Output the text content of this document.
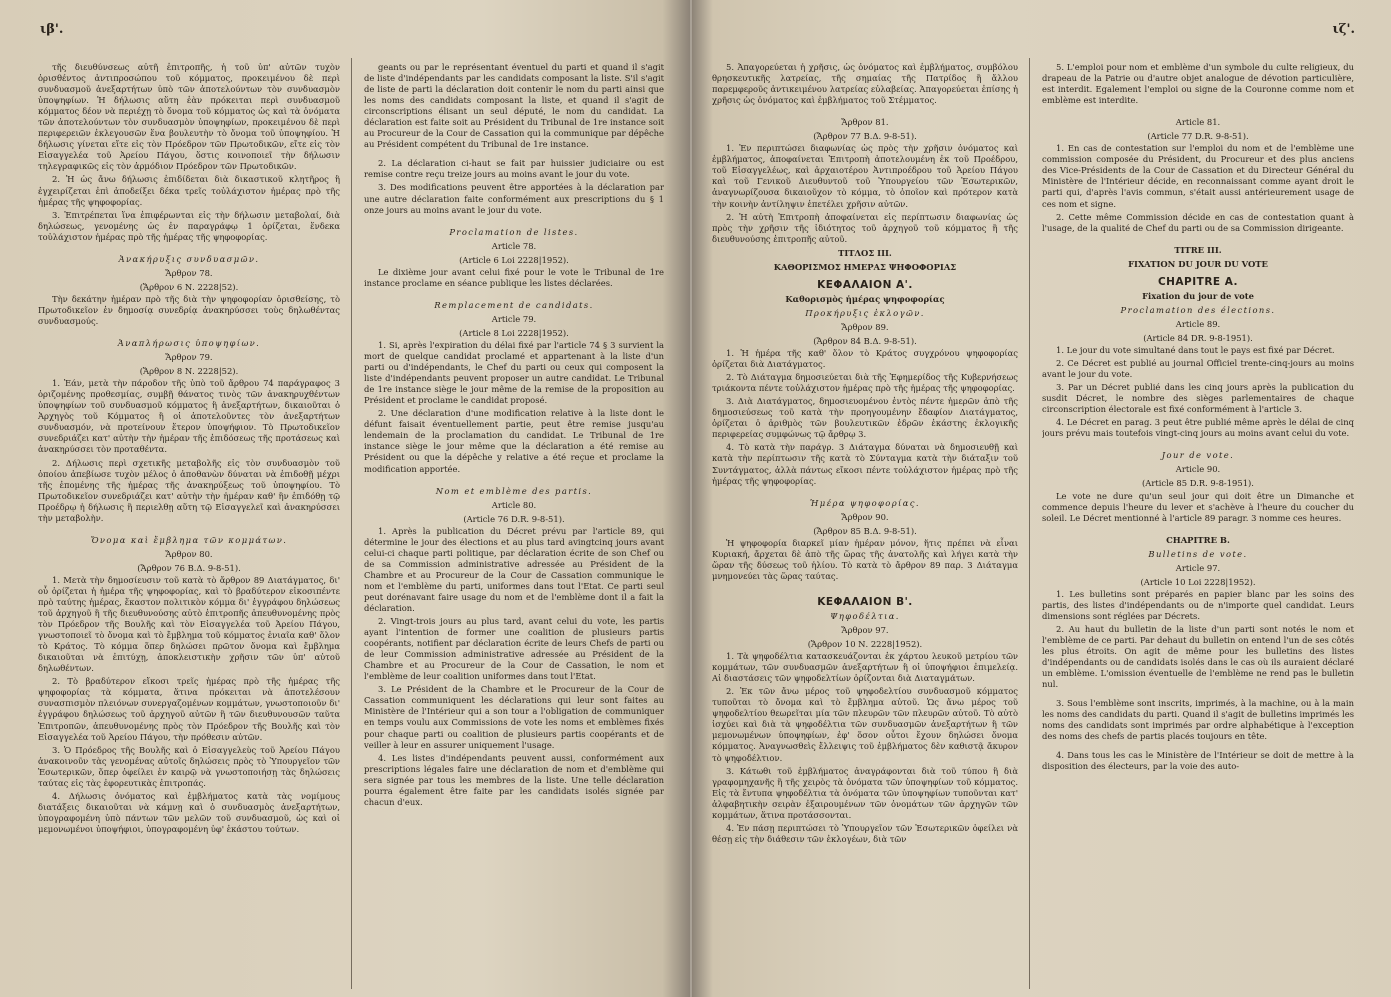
ιβ'.

τῆς διευθύνσεως αὐτῆ ἐπιτροπῆς, ἡ τοῦ ὑπ' αὐτῶν τυχὸν ὁρισθέντος ἀντιπροσώπου τοῦ κόμματος, προκειμένου δὲ περὶ συνδυασμοῦ ἀνεξαρτήτων ὑπὸ τῶν ἀποτελούντων τὸν συνδυασμὸν ὑποψηφίων. Ἡ δήλωσις αὕτη ἐὰν πρόκειται περὶ συνδυασμοῦ κόμματος δέον νὰ περιέχῃ τὸ ὄνομα τοῦ κόμματος ὡς καὶ τὰ ὀνόματα τῶν ἀποτελούντων τὸν συνδυασμὸν ὑποψηφίων, προκειμένου δὲ περὶ περιφερειῶν ἐκλεγουσῶν ἕνα βουλευτὴν τὸ ὄνομα τοῦ ὑποψηφίου. Ἡ δήλωσις γίνεται εἴτε εἰς τὸν Πρόεδρον τῶν Πρωτοδικῶν, εἴτε εἰς τὸν Εἰσαγγελέα τοῦ Ἀρείου Πάγου, ὅστις κοινοποιεῖ τὴν δήλωσιν τηλεγραφικῶς εἰς τὸν ἁρμόδιον Πρόεδρον τῶν Πρωτοδικῶν.

2. Ἡ ὡς ἄνω δήλωσις ἐπιδίδεται διὰ δικαστικοῦ κλητῆρος ἢ ἐγχειρίζεται ἐπὶ ἀποδείξει δέκα τρεῖς τοὐλάχιστον ἡμέρας πρὸ τῆς ἡμέρας τῆς ψηφοφορίας.

3. Ἐπιτρέπεται ἵνα ἐπιφέρωνται εἰς τὴν δήλωσιν μεταβολαί, διὰ δηλώσεως, γενομένης ὡς ἐν παραγράφῳ 1 ὁρίζεται, ἕνδεκα τοὐλάχιστον ἡμέρας πρὸ τῆς ἡμέρας τῆς ψηφοφορίας.

Ἀνακήρυξις συνδυασμῶν.

Ἄρθρον 78.

(Ἄρθρον 6 Ν. 2228|52).

Τὴν δεκάτην ἡμέραν πρὸ τῆς διὰ τὴν ψηφοφορίαν ὁρισθείσης, τὸ Πρωτοδικεῖον ἐν δημοσίᾳ συνεδρίᾳ ἀνακηρύσσει τοὺς δηλωθέντας συνδυασμούς.

Ἀναπλήρωσις ὑποψηφίων.

Ἄρθρον 79.

(Ἄρθρον 8 Ν. 2228|52).

1. Ἐάν, μετὰ τὴν πάροδον τῆς ὑπὸ τοῦ ἄρθρου 74 παράγραφος 3 ὁριζομένης προθεσμίας, συμβῇ θάνατος τινὸς τῶν ἀνακηρυχθέντων ὑποψηφίων τοῦ συνδυασμοῦ κόμματος ἢ ἀνεξαρτήτων, δικαιοῦται ὁ Ἀρχηγὸς τοῦ Κόμματος ἢ οἱ ἀποτελοῦντες τὸν ἀνεξαρτήτων συνδυασμόν, νὰ προτείνουν ἕτερον ὑποψήφιον. Τὸ Πρωτοδικεῖον συνεδριάζει κατ' αὐτὴν τὴν ἡμέραν τῆς ἐπιδόσεως τῆς προτάσεως καὶ ἀνακηρύσσει τὸν προταθέντα.

2. Δήλωσις περὶ σχετικῆς μεταβολῆς εἰς τὸν συνδυασμὸν τοῦ ὁποίου ἀπεβίωσε τυχὸν μέλος ὁ ἀποθανὼν δύναται νὰ ἐπιδοθῇ μέχρι τῆς ἐπομένης τῆς ἡμέρας τῆς ἀνακηρύξεως τοῦ ὑποψηφίου. Τὸ Πρωτοδικεῖον συνεδριάζει κατ' αὐτὴν τὴν ἡμέραν καθ' ἣν ἐπιδόθῃ τῷ Προέδρῳ ἡ δήλωσις ἢ περιελθῃ αὕτη τῷ Εἰσαγγελεῖ καὶ ἀνακηρύσσει τὴν μεταβολὴν.

Ὄνομα καὶ ἔμβλημα τῶν κομμάτων.

Ἄρθρον 80.

(Ἄρθρον 76 Β.Δ. 9-8-51).

1. Μετὰ τὴν δημοσίευσιν τοῦ κατὰ τὸ ἄρθρον 89 Διατάγματος, δι' οὗ ὁρίζεται ἡ ἡμέρα τῆς ψηφοφορίας, καὶ τὸ βραδύτερον εἰκοσιπέντε πρὸ ταύτης ἡμέρας, ἕκαστον πολιτικὸν κόμμα δι' ἐγγράφου δηλώσεως τοῦ ἀρχηγοῦ ἢ τῆς διευθυνούσης αὐτὸ ἐπιτροπῆς ἀπευθυνομένης πρὸς τὸν Πρόεδρον τῆς Βουλῆς καὶ τὸν Εἰσαγγελέα τοῦ Ἀρείου Πάγου, γνωστοποιεῖ τὸ ὄνομα καὶ τὸ ἔμβλημα τοῦ κόμματος ἑνιαῖα καθ' ὅλον τὸ Κράτος. Τὸ κόμμα ὅπερ δηλώσει πρῶτον ὄνομα καὶ ἔμβλημα δικαιοῦται νὰ ἐπιτύχῃ, ἀποκλειστικὴν χρῆσιν τῶν ὑπ' αὐτοῦ δηλωθέντων.

2. Τὸ βραδύτερον εἴκοσι τρεῖς ἡμέρας πρὸ τῆς ἡμέρας τῆς ψηφοφορίας τὰ κόμματα, ἅτινα πρόκειται νὰ ἀποτελέσουν συνασπισμὸν πλειόνων συνεργαζομένων κομμάτων, γνωστοποιοῦν δι' ἐγγράφου δηλώσεως τοῦ ἀρχηγοῦ αὐτῶν ἢ τῶν διευθυνουσῶν ταῦτα Ἐπιτροπῶν, ἀπευθυνομένης πρὸς τὸν Πρόεδρον τῆς Βουλῆς καὶ τὸν Εἰσαγγελέα τοῦ Ἀρείου Πάγου, τὴν πρόθεσιν αὐτῶν.

3. Ὁ Πρόεδρος τῆς Βουλῆς καὶ ὁ Εἰσαγγελεὺς τοῦ Ἀρείου Πάγου ἀνακοινοῦν τὰς γενομένας αὐτοῖς δηλώσεις πρὸς τὸ Ὑπουργεῖον τῶν Ἐσωτερικῶν, ὅπερ ὀφείλει ἐν καιρῷ νὰ γνωστοποιήσῃ τὰς δηλώσεις ταύτας εἰς τὰς ἐφορευτικὰς ἐπιτροπάς.

4. Δήλωσις ὀνόματος καὶ ἐμβλήματος κατὰ τὰς νομίμους διατάξεις δικαιοῦται νὰ κάμνῃ καὶ ὁ συνδυασμὸς ἀνεξαρτήτων, ὑπογραφομένη ὑπὸ πάντων τῶν μελῶν τοῦ συνδυασμοῦ, ὡς καὶ οἱ μεμονωμένοι ὑποψήφιοι, ὑπογραφομένη ὑφ' ἑκάστου τούτων.

geants ou par le représentant éventuel du parti et quand il s'agit de liste d'indépendants par les candidats composant la liste. S'il s'agit de liste de parti la déclaration doit contenir le nom du parti ainsi que les noms des candidats composant la liste, et quand il s'agit de circonscriptions élisant un seul député, le nom du candidat. La déclaration est faite soit au Président du Tribunal de 1re instance soit au Procureur de la Cour de Cassation qui la communique par dépêche au Président compétent du Tribunal de 1re instance.

2. La déclaration ci-haut se fait par huissier judiciaire ou est remise contre reçu treize jours au moins avant le jour du vote.

3. Des modifications peuvent être apportées à la déclaration par une autre déclaration faite conformément aux prescriptions du § 1 onze jours au moins avant le jour du vote.

Proclamation de listes.

Article 78.

(Article 6 Loi 2228|1952).

Le dixième jour avant celui fixé pour le vote le Tribunal de 1re instance proclame en séance publique les listes déclarées.

Remplacement de candidats.

Article 79.

(Article 8 Loi 2228|1952).

1. Si, après l'expiration du délai fixé par l'article 74 § 3 survient la mort de quelque candidat proclamé et appartenant à la liste d'un parti ou d'indépendants, le Chef du parti ou ceux qui composent la liste d'indépendants peuvent proposer un autre candidat. Le Tribunal de 1re instance siège le jour même de la remise de la proposition au Président et proclame le candidat proposé.

2. Une déclaration d'une modification relative à la liste dont le défunt faisait éventuellement partie, peut être remise jusqu'au lendemain de la proclamation du candidat. Le Tribunal de 1re instance siège le jour même que la déclaration a été remise au Président ou que la dépêche y relative a été reçue et proclame la modification apportée.

Nom et emblème des partis.

Article 80.

(Article 76 D.R. 9-8-51).

1. Après la publication du Décret prévu par l'article 89, qui détermine le jour des élections et au plus tard avingtcinq jours avant celui-ci chaque parti politique, par déclaration écrite de son Chef ou de sa Commission administrative adressée au Président de la Chambre et au Procureur de la Cour de Cassation communique le nom et l'emblème du parti, uniformes dans tout l'Etat. Ce parti seul peut dorénavant faire usage du nom et de l'emblème dont il a fait la déclaration.

2. Vingt-trois jours au plus tard, avant celui du vote, les partis ayant l'intention de former une coalition de plusieurs partis coopérants, notifient par déclaration écrite de leurs Chefs de parti ou de leur Commission administrative adressée au Président de la Chambre et au Procureur de la Cour de Cassation, le nom et l'emblème de leur coalition uniformes dans tout l'Etat.

3. Le Président de la Chambre et le Procureur de la Cour de Cassation communiquent les déclarations qui leur sont faites au Ministère de l'Intérieur qui a son tour a l'obligation de communiquer en temps voulu aux Commissions de vote les noms et emblèmes fixés pour chaque parti ou coalition de plusieurs partis coopérants et de veiller à leur en assurer uniquement l'usage.

4. Les listes d'indépendants peuvent aussi, conformément aux prescriptions légales faire une déclaration de nom et d'emblème qui sera signée par tous les membres de la liste. Une telle déclaration pourra également être faite par les candidats isolés signée par chacun d'eux.

ιζ'.

5. Ἀπαγορεύεται ἡ χρῆσις, ὡς ὀνόματος καὶ ἐμβλήματος, συμβόλου θρησκευτικῆς λατρείας, τῆς σημαίας τῆς Πατρίδος ἢ ἄλλου παρεμφεροῦς ἀντικειμένου λατρείας εὐλαβείας. Ἀπαγορεύεται ἐπίσης ἡ χρῆσις ὡς ὀνόματος καὶ ἐμβλήματος τοῦ Στέμματος.

Ἄρθρον 81.

(Ἄρθρον 77 Β.Δ. 9-8-51).

1. Ἐν περιπτώσει διαφωνίας ὡς πρὸς τὴν χρῆσιν ὀνόματος καὶ ἐμβλήματος, ἀποφαίνεται Ἐπιτροπὴ ἀποτελουμένη ἐκ τοῦ Προέδρου, τοῦ Εἰσαγγελέως, καὶ ἀρχαιοτέρου Ἀντιπροέδρου τοῦ Ἀρείου Πάγου καὶ τοῦ Γενικοῦ Διευθυντοῦ τοῦ Ὑπουργείου τῶν Ἐσωτερικῶν, ἀναγνωρίζουσα δικαιοῦχον τὸ κόμμα, τὸ ὁποῖον καὶ πρότερον κατὰ τὴν κοινὴν ἀντίληψιν ἐπετέλει χρῆσιν αὐτῶν.

2. Ἡ αὐτὴ Ἐπιτροπὴ ἀποφαίνεται εἰς περίπτωσιν διαφωνίας ὡς πρὸς τὴν χρῆσιν τῆς ἰδιότητος τοῦ ἀρχηγοῦ τοῦ κόμματος ἢ τῆς διευθυνούσης ἐπιτροπῆς αὐτοῦ.

ΤΙΤΛΟΣ III.

ΚΑΘΟΡΙΣΜΟΣ ΗΜΕΡΑΣ ΨΗΦΟΦΟΡΙΑΣ

ΚΕΦΑΛΑΙΟΝ Α'.

Καθορισμὸς ἡμέρας ψηφοφορίας

Προκήρυξις ἐκλογῶν.

Ἄρθρον 89.

(Ἄρθρον 84 Β.Δ. 9-8-51).

1. Ἡ ἡμέρα τῆς καθ' ὅλον τὸ Κράτος συγχρόνου ψηφοφορίας ὁρίζεται διὰ Διατάγματος.

2. Τὸ Διάταγμα δημοσιεύεται διὰ τῆς Ἐφημερίδος τῆς Κυβερνήσεως τριάκοντα πέντε τοὐλάχιστον ἡμέρας πρὸ τῆς ἡμέρας τῆς ψηφοφορίας.

3. Διὰ Διατάγματος, δημοσιευομένου ἐντὸς πέντε ἡμερῶν ἀπὸ τῆς δημοσιεύσεως τοῦ κατὰ τὴν προηγουμένην ἔδαφίον Διατάγματος, ὁρίζεται ὁ ἀριθμὸς τῶν βουλευτικῶν ἐδρῶν ἑκάστης ἐκλογικῆς περιφερείας συμφώνως τῷ ἄρθρῳ 3.

4. Τὸ κατὰ τὴν παράγρ. 3 Διάταγμα δύναται νὰ δημοσιευθῇ καὶ κατὰ τὴν περίπτωσιν τῆς κατὰ τὸ Σύνταγμα κατὰ τὴν διάταξιν τοῦ Συντάγματος, ἀλλὰ πάντως εἴκοσι πέντε τοὐλάχιστον ἡμέρας πρὸ τῆς ἡμέρας τῆς ψηφοφορίας.

Ἡμέρα ψηφοφορίας.

Ἄρθρον 90.

(Ἄρθρον 85 Β.Δ. 9-8-51).

Ἡ ψηφοφορία διαρκεῖ μίαν ἡμέραν μόνον, ἥτις πρέπει νὰ εἶναι Κυριακή, ἄρχεται δὲ ἀπὸ τῆς ὥρας τῆς ἀνατολῆς καὶ λήγει κατὰ τὴν ὥραν τῆς δύσεως τοῦ ἡλίου. Τὸ κατὰ τὸ ἄρθρον 89 παρ. 3 Διάταγμα μνημονεύει τὰς ὥρας ταύτας.

ΚΕΦΑΛΑΙΟΝ Β'.

Ψηφοδέλτια.

Ἄρθρον 97.

(Ἄρθρον 10 Ν. 2228|1952).

1. Τὰ ψηφοδέλτια κατασκευάζονται ἐκ χάρτου λευκοῦ μετρίου τῶν κομμάτων, τῶν συνδυασμῶν ἀνεξαρτήτων ἢ οἱ ὑποψήφιοι ἐπιμελείᾳ. Αἱ διαστάσεις τῶν ψηφοδελτίων ὁρίζονται διὰ Διαταγμάτων.

2. Ἐκ τῶν ἄνω μέρος τοῦ ψηφοδελτίου συνδυασμοῦ κόμματος τυποῦται τὸ ὄνομα καὶ τὸ ἔμβλημα αὐτοῦ. Ὡς ἄνω μέρος τοῦ ψηφοδελτίου θεωρεῖται μία τῶν πλευρῶν τῶν πλευρῶν αὐτοῦ. Τὸ αὐτὸ ἰσχύει καὶ διὰ τὰ ψηφοδέλτια τῶν συνδυασμῶν ἀνεξαρτήτων ἢ τῶν μεμονωμένων ὑποψηφίων, ἐφ' ὅσον οὗτοι ἔχουν δηλώσει ὄνομα κόμματος. Ἀναγνωσθεὶς ἔλλειψις τοῦ ἐμβλήματος δὲν καθιστᾷ ἄκυρον τὸ ψηφοδέλτιον.

3. Κάτωθι τοῦ ἐμβλήματος ἀναγράφονται διὰ τοῦ τύπου ἢ διὰ γραφομηχανῆς ἢ τῆς χειρὸς τὰ ὀνόματα τῶν ὑποψηφίων τοῦ κόμματος. Εἰς τὰ ἔντυπα ψηφοδέλτια τὰ ὀνόματα τῶν ὑποψηφίων τυποῦνται κατ' ἀλφαβητικὴν σειρὰν ἐξαιρουμένων τῶν ὀνομάτων τῶν ἀρχηγῶν τῶν κομμάτων, ἅτινα προτάσσονται.

4. Ἐν πάσῃ περιπτώσει τὸ Ὑπουργεῖον τῶν Ἐσωτερικῶν ὀφείλει νὰ θέσῃ εἰς τὴν διάθεσιν τῶν ἐκλογέων, διὰ τῶν

5. L'emploi pour nom et emblème d'un symbole du culte religieux, du drapeau de la Patrie ou d'autre objet analogue de dévotion particulière, est interdit. Egalement l'emploi ou signe de la Couronne comme nom et emblème est interdite.

Article 81.

(Article 77 D.R. 9-8-51).

1. En cas de contestation sur l'emploi du nom et de l'emblème une commission composée du Président, du Procureur et des plus anciens des Vice-Présidents de la Cour de Cassation et du Directeur Général du Ministère de l'Intérieur décide, en reconnaissant comme ayant droit le parti qui, d'après l'avis commun, s'était aussi antérieurement usage de ces nom et signe.

2. Cette même Commission décide en cas de contestation quant à l'usage, de la qualité de Chef du parti ou de sa Commission dirigeante.

TITRE III.

FIXATION DU JOUR DU VOTE

CHAPITRE A.

Fixation du jour de vote

Proclamation des élections.

Article 89.

(Article 84 DR. 9-8-1951).

1. Le jour du vote simultané dans tout le pays est fixé par Décret.

2. Ce Décret est publié au journal Officiel trente-cinq-jours au moins avant le jour du vote.

3. Par un Décret publié dans les cinq jours après la publication du susdit Décret, le nombre des sièges parlementaires de chaque circonscription électorale est fixé conformément à l'article 3.

4. Le Décret en parag. 3 peut être publié même après le délai de cinq jours prévu mais toutefois vingt-cinq jours au moins avant celui du vote.

Jour de vote.

Article 90.

(Article 85 D.R. 9-8-1951).

Le vote ne dure qu'un seul jour qui doit être un Dimanche et commence depuis l'heure du lever et s'achève à l'heure du coucher du soleil. Le Décret mentionné à l'article 89 paragr. 3 nomme ces heures.

CHAPITRE B.

Bulletins de vote.

Article 97.

(Article 10 Loi 2228|1952).

1. Les bulletins sont préparés en papier blanc par les soins des partis, des listes d'indépendants ou de n'importe quel candidat. Leurs dimensions sont réglées par Décrets.

2. Au haut du bulletin de la liste d'un parti sont notés le nom et l'emblème de ce parti. Par dehaut du bulletin on entend l'un de ses côtés les plus étroits. On agit de même pour les bulletins des listes d'indépendants ou de candidats isolés dans le cas où ils auraient déclaré un emblème. L'omission éventuelle de l'emblème ne rend pas le bulletin nul.

3. Sous l'emblème sont inscrits, imprimés, à la machine, ou à la main les noms des candidats du parti. Quand il s'agit de bulletins imprimés les noms des candidats sont imprimés par ordre alphabétique à l'exception des noms des chefs de partis placés toujours en tête.

4. Dans tous les cas le Ministère de l'Intérieur se doit de mettre à la disposition des électeurs, par la voie des auto-
